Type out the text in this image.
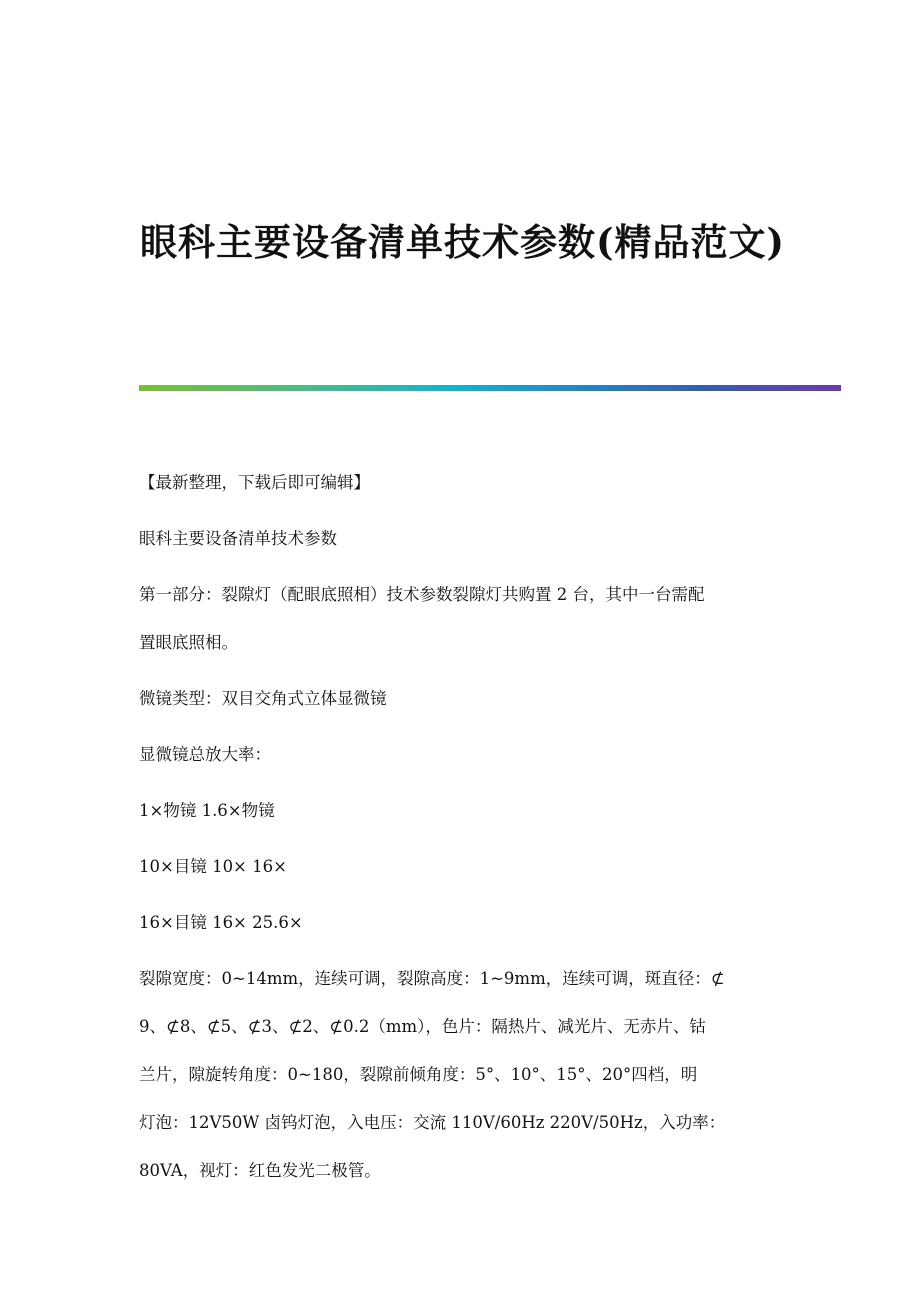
眼科主要设备清单技术参数(精品范文)
【最新整理，下载后即可编辑】
眼科主要设备清单技术参数
第一部分：裂隙灯（配眼底照相）技术参数裂隙灯共购置 2 台，其中一台需配
置眼底照相。
微镜类型：双目交角式立体显微镜
显微镜总放大率：
1×物镜 1.6×物镜
10×目镜 10× 16×
16×目镜 16× 25.6×
裂隙宽度：0~14mm，连续可调，裂隙高度：1~9mm，连续可调，斑直径：⊄
9、⊄8、⊄5、⊄3、⊄2、⊄0.2（mm），色片：隔热片、减光片、无赤片、钴
兰片，隙旋转角度：0~180，裂隙前倾角度：5°、10°、15°、20°四档，明
灯泡：12V50W 卤钨灯泡，入电压：交流 110V/60Hz 220V/50Hz，入功率：
80VA，视灯：红色发光二极管。
